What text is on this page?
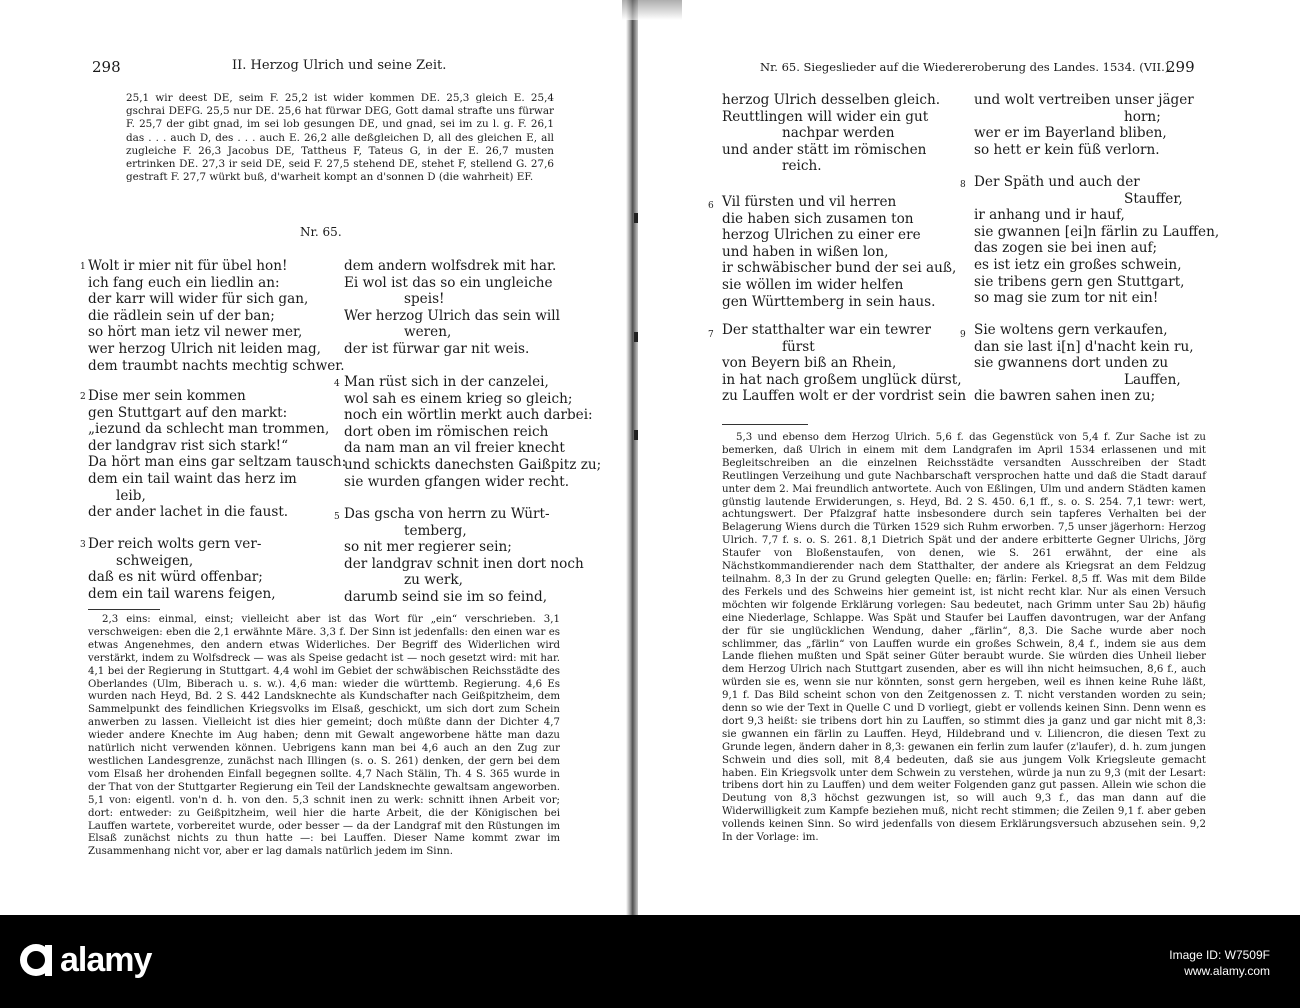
298	II. Herzog Ulrich und seine Zeit.

25,1 wir deest DE, seim F. 25,2 ist wider kommen DE. 25,3 gleich E. 25,4 gschrai DEFG. 25,5 nur DE. 25,6 hat fürwar DEG, Gott damal strafte uns fürwar F. 25,7 der gibt gnad, im sei lob gesungen DE, und gnad, sei im zu l. g. F. 26,1 das . . . auch D, des . . . auch E. 26,2 alle deßgleichen D, all des gleichen E, all zugleiche F. 26,3 Jacobus DE, Tattheus F, Tateus G, in der E. 26,7 musten ertrinken DE. 27,3 ir seid DE, seid F. 27,5 stehend DE, stehet F, stellend G. 27,6 gestraft F. 27,7 würkt buß, d'warheit kompt an d'sonnen D (die wahrheit) EF.

Nr. 65.
1 Wolt ir mier nit für übel hon!
ich fang euch ein liedlin an:
der karr will wider für sich gan,
die rädlein sein uf der ban;
so hört man ietz vil newer mer,
wer herzog Ulrich nit leiden mag,
dem traumbt nachts mechtig schwer.
2 Dise mer sein kommen
gen Stuttgart auf den markt:
„iezund da schlecht man trommen,
der landgrav rist sich stark!“
Da hört man eins gar seltzam tausch:
dem ein tail waint das herz im
leib,
der ander lachet in die faust.
3 Der reich wolts gern ver-
schweigen,
daß es nit würd offenbar;
dem ein tail warens feigen,
dem andern wolfsdrek mit har.
Ei wol ist das so ein ungleiche
speis!
Wer herzog Ulrich das sein will
weren,
der ist fürwar gar nit weis.
4 Man rüst sich in der canzelei,
wol sah es einem krieg so gleich;
noch ein wörtlin merkt auch darbei:
dort oben im römischen reich
da nam man an vil freier knecht
und schickts danechsten Gaißpitz zu;
sie wurden gfangen wider recht.
5 Das gscha von herrn zu Würt-
temberg,
so nit mer regierer sein;
der landgrav schnit inen dort noch
zu werk,
darumb seind sie im so feind,

2,3 eins: einmal, einst; vielleicht aber ist das Wort für „ein“ verschrieben. 3,1 verschweigen: eben die 2,1 erwähnte Märe. 3,3 f. Der Sinn ist jedenfalls: den einen war es etwas Angenehmes, den andern etwas Widerliches. Der Begriff des Widerlichen wird verstärkt, indem zu Wolfsdreck — was als Speise gedacht ist — noch gesetzt wird: mit har. 4,1 bei der Regierung in Stuttgart. 4,4 wohl im Gebiet der schwäbischen Reichsstädte des Oberlandes (Ulm, Biberach u. s. w.). 4,6 man: wieder die württemb. Regierung. 4,6 Es wurden nach Heyd, Bd. 2 S. 442 Landsknechte als Kundschafter nach Geißpitzheim, dem Sammelpunkt des feindlichen Kriegsvolks im Elsaß, geschickt, um sich dort zum Schein anwerben zu lassen. Vielleicht ist dies hier gemeint; doch müßte dann der Dichter 4,7 wieder andere Knechte im Aug haben; denn mit Gewalt angeworbene hätte man dazu natürlich nicht verwenden können. Uebrigens kann man bei 4,6 auch an den Zug zur westlichen Landesgrenze, zunächst nach Illingen (s. o. S. 261) denken, der gern bei dem vom Elsaß her drohenden Einfall begegnen sollte. 4,7 Nach Stälin, Th. 4 S. 365 wurde in der That von der Stuttgarter Regierung ein Teil der Landsknechte gewaltsam angeworben. 5,1 von: eigentl. von'n d. h. von den. 5,3 schnit inen zu werk: schnitt ihnen Arbeit vor; dort: entweder: zu Geißpitzheim, weil hier die harte Arbeit, die der Königischen bei Lauffen wartete, vorbereitet wurde, oder besser — da der Landgraf mit den Rüstungen im Elsaß zunächst nichts zu thun hatte —: bei Lauffen. Dieser Name kommt zwar im Zusammenhang nicht vor, aber er lag damals natürlich jedem im Sinn.

Nr. 65. Siegeslieder auf die Wiedereroberung des Landes. 1534. (VII.)
299
herzog Ulrich desselben gleich.
Reuttlingen will wider ein gut
nachpar werden
und ander stätt im römischen
reich.
6 Vil fürsten und vil herren
die haben sich zusamen ton
herzog Ulrichen zu einer ere
und haben in wißen lon,
ir schwäbischer bund der sei auß,
sie wöllen im wider helfen
gen Württemberg in sein haus.
7 Der statthalter war ein tewrer
fürst
von Beyern biß an Rhein,
in hat nach großem unglück dürst,
zu Lauffen wolt er der vordrist sein
und wolt vertreiben unser jäger
horn;
wer er im Bayerland bliben,
so hett er kein füß verlorn.
8 Der Späth und auch der
Stauffer,
ir anhang und ir hauf,
sie gwannen [ei]n färlin zu Lauffen,
das zogen sie bei inen auf;
es ist ietz ein großes schwein,
sie tribens gern gen Stuttgart,
so mag sie zum tor nit ein!
9 Sie woltens gern verkaufen,
dan sie last i[n] d'nacht kein ru,
sie gwannens dort unden zu
Lauffen,
die bawren sahen inen zu;

5,3 und ebenso dem Herzog Ulrich. 5,6 f. das Gegenstück von 5,4 f. Zur Sache ist zu bemerken, daß Ulrich in einem mit dem Landgrafen im April 1534 erlassenen und mit Begleitschreiben an die einzelnen Reichsstädte versandten Ausschreiben der Stadt Reutlingen Verzeihung und gute Nachbarschaft versprochen hatte und daß die Stadt darauf unter dem 2. Mai freundlich antwortete. Auch von Eßlingen, Ulm und andern Städten kamen günstig lautende Erwiderungen, s. Heyd, Bd. 2 S. 450. 6,1 ff., s. o. S. 254. 7,1 tewr: wert, achtungswert. Der Pfalzgraf hatte insbesondere durch sein tapferes Verhalten bei der Belagerung Wiens durch die Türken 1529 sich Ruhm erworben. 7,5 unser jägerhorn: Herzog Ulrich. 7,7 f. s. o. S. 261. 8,1 Dietrich Spät und der andere erbitterte Gegner Ulrichs, Jörg Staufer von Bloßenstaufen, von denen, wie S. 261 erwähnt, der eine als Nächstkommandierender nach dem Statthalter, der andere als Kriegsrat an dem Feldzug teilnahm. 8,3 In der zu Grund gelegten Quelle: en; färlin: Ferkel. 8,5 ff. Was mit dem Bilde des Ferkels und des Schweins hier gemeint ist, ist nicht recht klar. Nur als einen Versuch möchten wir folgende Erklärung vorlegen: Sau bedeutet, nach Grimm unter Sau 2b) häufig eine Niederlage, Schlappe. Was Spät und Staufer bei Lauffen davontrugen, war der Anfang der für sie unglücklichen Wendung, daher „färlin“, 8,3. Die Sache wurde aber noch schlimmer, das „färlin“ von Lauffen wurde ein großes Schwein, 8,4 f., indem sie aus dem Lande fliehen mußten und Spät seiner Güter beraubt wurde. Sie würden dies Unheil lieber dem Herzog Ulrich nach Stuttgart zusenden, aber es will ihn nicht heimsuchen, 8,6 f., auch würden sie es, wenn sie nur könnten, sonst gern hergeben, weil es ihnen keine Ruhe läßt, 9,1 f. Das Bild scheint schon von den Zeitgenossen z. T. nicht verstanden worden zu sein; denn so wie der Text in Quelle C und D vorliegt, giebt er vollends keinen Sinn. Denn wenn es dort 9,3 heißt: sie tribens dort hin zu Lauffen, so stimmt dies ja ganz und gar nicht mit 8,3: sie gwannen ein färlin zu Lauffen. Heyd, Hildebrand und v. Liliencron, die diesen Text zu Grunde legen, ändern daher in 8,3: gewanen ein ferlin zum laufer (z'laufer), d. h. zum jungen Schwein und dies soll, mit 8,4 bedeuten, daß sie aus jungem Volk Kriegsleute gemacht haben. Ein Kriegsvolk unter dem Schwein zu verstehen, würde ja nun zu 9,3 (mit der Lesart: tribens dort hin zu Lauffen) und dem weiter Folgenden ganz gut passen. Allein wie schon die Deutung von 8,3 höchst gezwungen ist, so will auch 9,3 f., das man dann auf die Widerwilligkeit zum Kampfe beziehen muß, nicht recht stimmen; die Zeilen 9,1 f. aber geben vollends keinen Sinn. So wird jedenfalls von diesem Erklärungsversuch abzusehen sein. 9,2 In der Vorlage: im.

alamy	Image ID: W7509F
www.alamy.com
